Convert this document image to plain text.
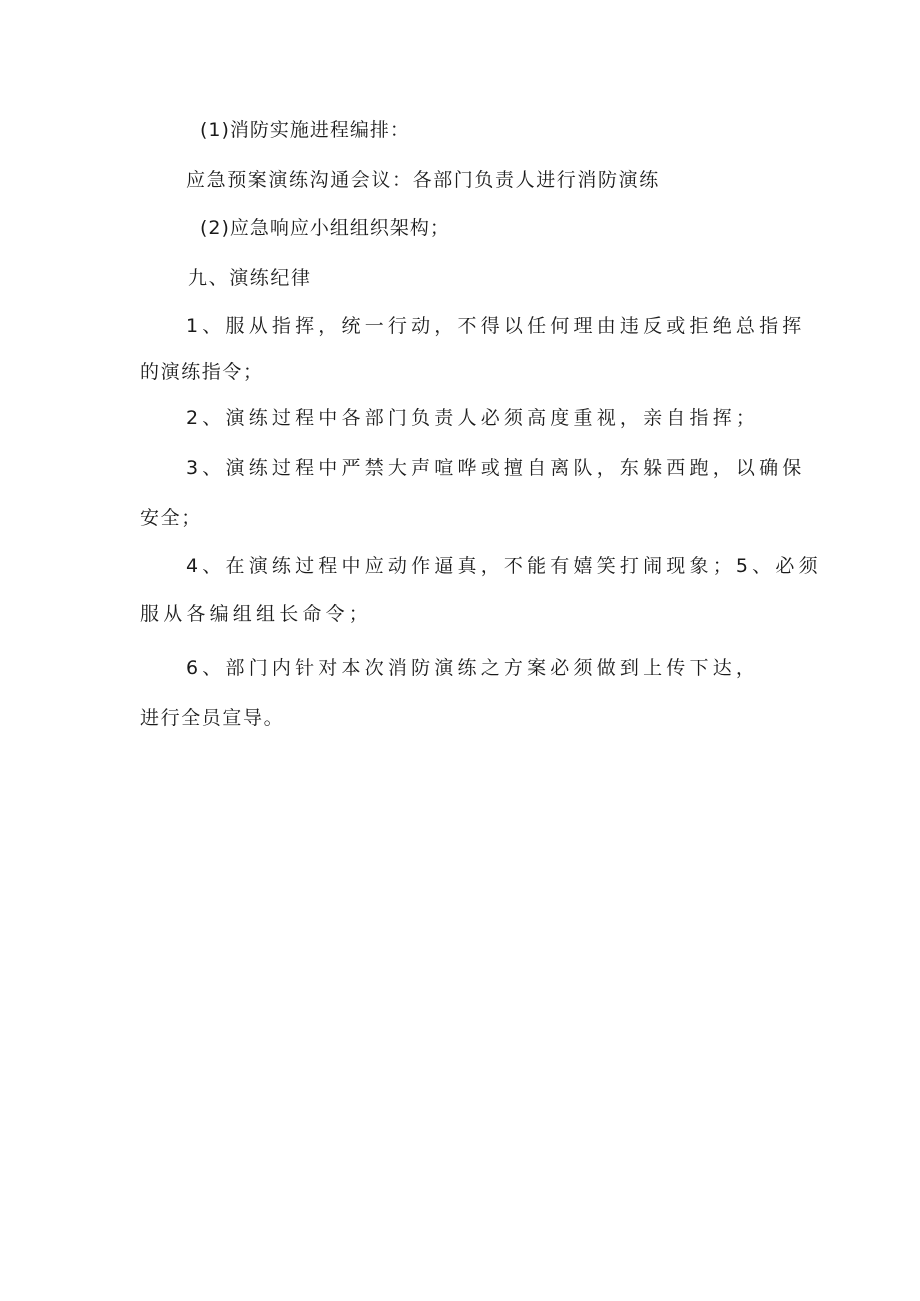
(1)消防实施进程编排：
应急预案演练沟通会议：各部门负责人进行消防演练
(2)应急响应小组组织架构；
九、演练纪律
1、服从指挥，统一行动，不得以任何理由违反或拒绝总指挥
的演练指令；
2、演练过程中各部门负责人必须高度重视，亲自指挥；
3、演练过程中严禁大声喧哗或擅自离队，东躲西跑，以确保
安全；
4、在演练过程中应动作逼真，不能有嬉笑打闹现象；5、必须
服从各编组组长命令；
6、部门内针对本次消防演练之方案必须做到上传下达，
进行全员宣导。
